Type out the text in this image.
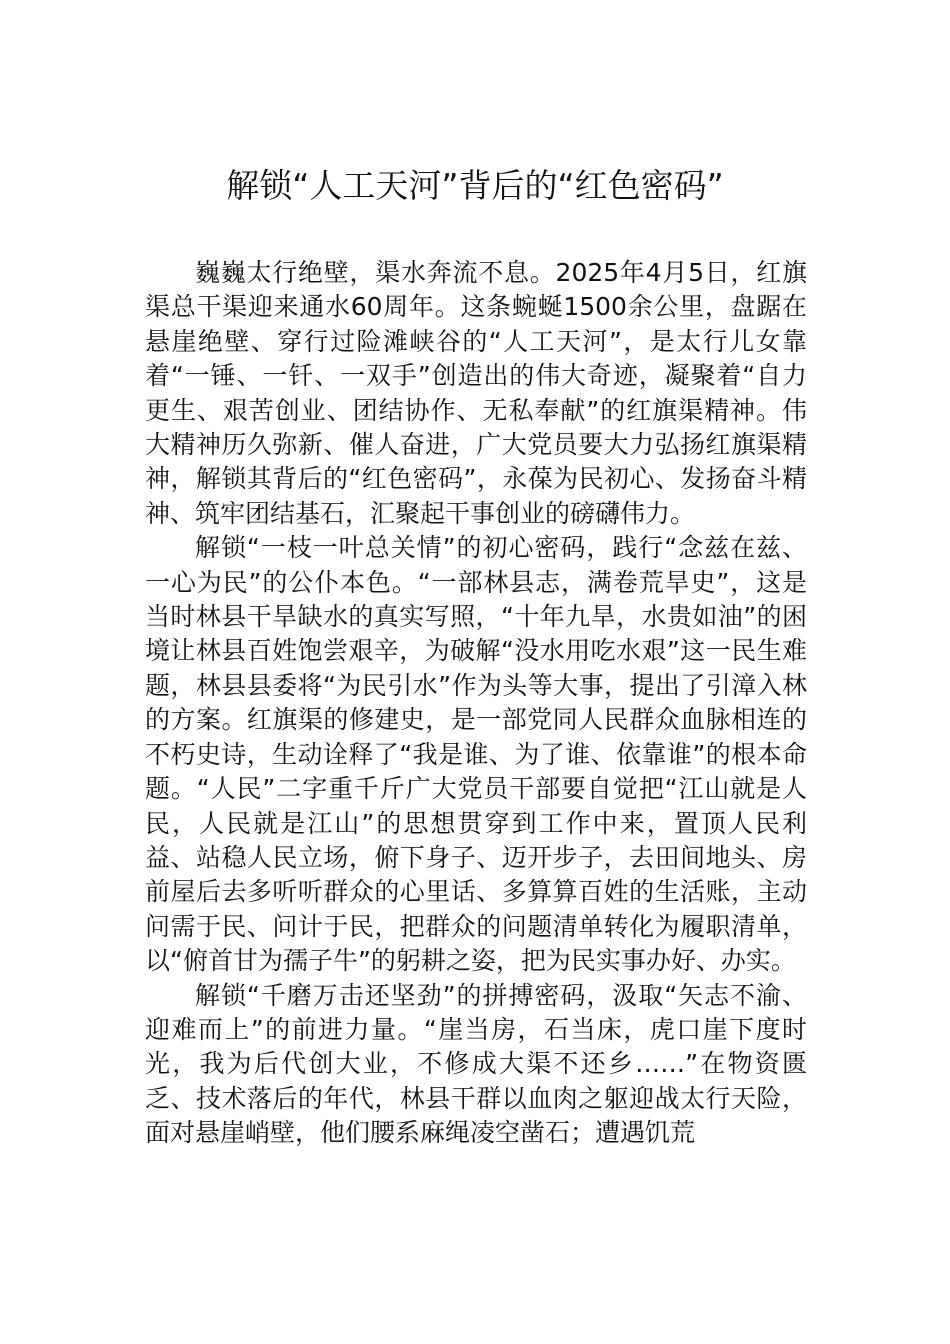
解锁“人工天河”背后的“红色密码”

巍巍太行绝壁，渠水奔流不息。2025年4月5日，红旗渠总干渠迎来通水60周年。这条蜿蜒1500余公里，盘踞在悬崖绝壁、穿行过险滩峡谷的“人工天河”，是太行儿女靠着“一锤、一钎、一双手”创造出的伟大奇迹，凝聚着“自力更生、艰苦创业、团结协作、无私奉献”的红旗渠精神。伟大精神历久弥新、催人奋进，广大党员要大力弘扬红旗渠精神，解锁其背后的“红色密码”，永葆为民初心、发扬奋斗精神、筑牢团结基石，汇聚起干事创业的磅礴伟力。

解锁“一枝一叶总关情”的初心密码，践行“念兹在兹、一心为民”的公仆本色。“一部林县志，满卷荒旱史”，这是当时林县干旱缺水的真实写照，“十年九旱，水贵如油”的困境让林县百姓饱尝艰辛，为破解“没水用吃水艰”这一民生难题，林县县委将“为民引水”作为头等大事，提出了引漳入林的方案。红旗渠的修建史，是一部党同人民群众血脉相连的不朽史诗，生动诠释了“我是谁、为了谁、依靠谁”的根本命题。“人民”二字重千斤广大党员干部要自觉把“江山就是人民，人民就是江山”的思想贯穿到工作中来，置顶人民利益、站稳人民立场，俯下身子、迈开步子，去田间地头、房前屋后去多听听群众的心里话、多算算百姓的生活账，主动问需于民、问计于民，把群众的问题清单转化为履职清单，以“俯首甘为孺子牛”的躬耕之姿，把为民实事办好、办实。

解锁“千磨万击还坚劲”的拼搏密码，汲取“矢志不渝、迎难而上”的前进力量。“崖当房，石当床，虎口崖下度时光，我为后代创大业，不修成大渠不还乡……”在物资匮乏、技术落后的年代，林县干群以血肉之躯迎战太行天险，面对悬崖峭壁，他们腰系麻绳凌空凿石；遭遇饥荒
